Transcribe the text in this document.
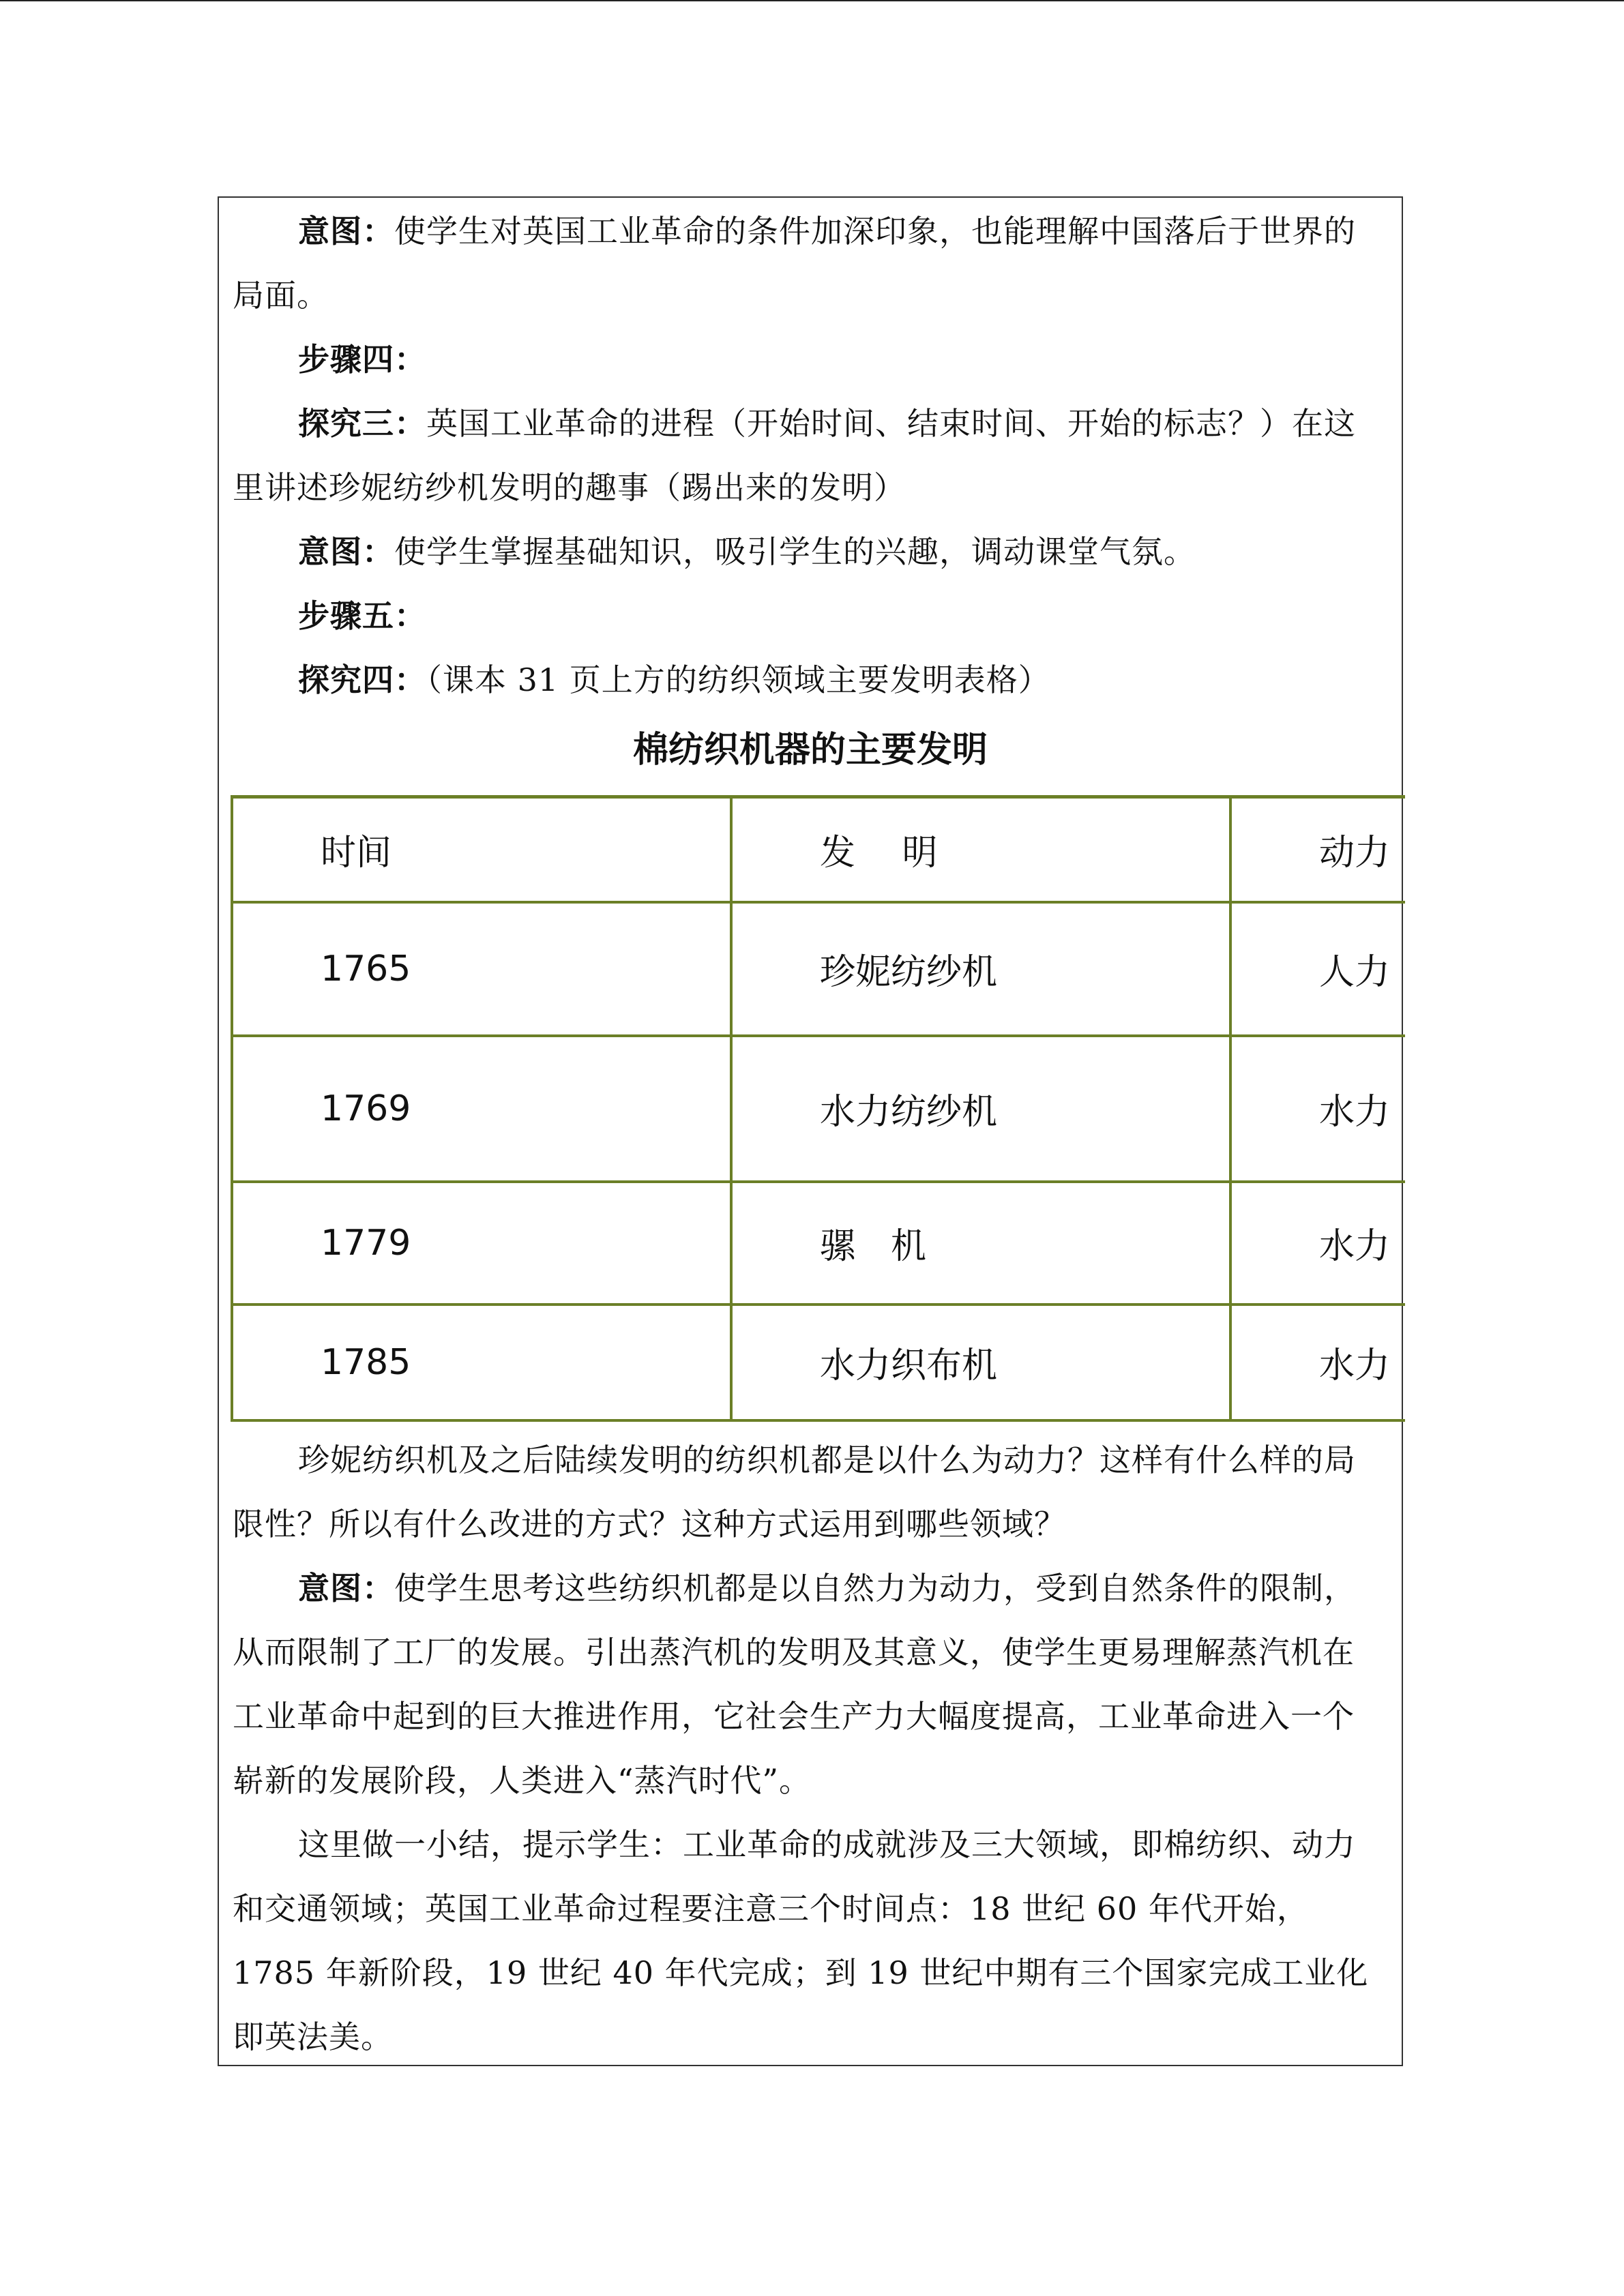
意图：使学生对英国工业革命的条件加深印象，也能理解中国落后于世界的局面。

步骤四：

探究三：英国工业革命的进程（开始时间、结束时间、开始的标志？）在这里讲述珍妮纺纱机发明的趣事（踢出来的发明）

意图：使学生掌握基础知识，吸引学生的兴趣，调动课堂气氛。

步骤五：

探究四：（课本 31 页上方的纺织领域主要发明表格）

棉纺织机器的主要发明
时间	发　 明	动力
1765	珍妮纺纱机	人力
1769	水力纺纱机	水力
1779	骡　机	水力
1785	水力织布机	水力

珍妮纺织机及之后陆续发明的纺织机都是以什么为动力？这样有什么样的局限性？所以有什么改进的方式？这种方式运用到哪些领域？

意图：使学生思考这些纺织机都是以自然力为动力，受到自然条件的限制，从而限制了工厂的发展。引出蒸汽机的发明及其意义，使学生更易理解蒸汽机在工业革命中起到的巨大推进作用，它社会生产力大幅度提高，工业革命进入一个崭新的发展阶段，人类进入“蒸汽时代”。

这里做一小结，提示学生：工业革命的成就涉及三大领域，即棉纺织、动力和交通领域；英国工业革命过程要注意三个时间点：18 世纪 60 年代开始，1785 年新阶段，19 世纪 40 年代完成；到 19 世纪中期有三个国家完成工业化即英法美。
